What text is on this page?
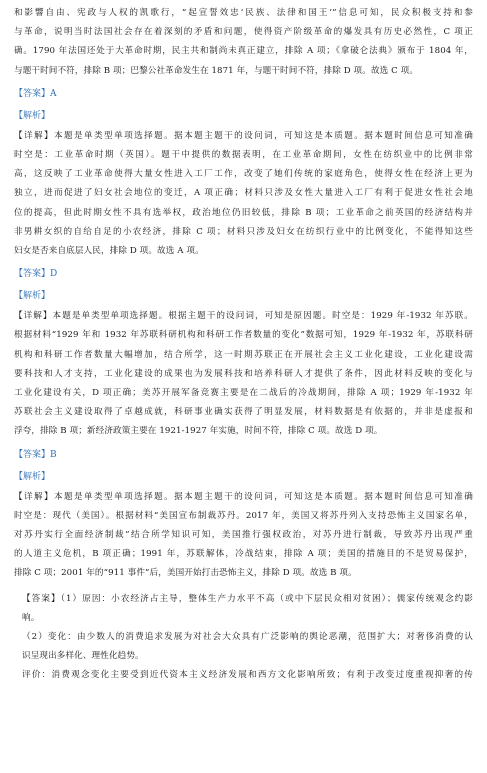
和影響自由、宪政与人权的凯歌行，“起宣誓效忠‘民族、法律和国王’”信息可知，民众积极支持和参

与革命，说明当时法国社会存在着深刻的矛盾和问题，使得资产阶级革命的爆发具有历史必然性，C 项正

确。1790 年法国还处于大革命时期，民主共和制尚未真正建立，排除 A 项；《拿破仑法典》颁布于 1804 年，

与题干时间不符，排除 B 项；巴黎公社革命发生在 1871 年，与题干时间不符，排除 D 项。故选 C 项。

【答案】A

【解析】

【详解】本题是单类型单项选择题。据本题主题干的设问词，可知这是本质题。据本题时间信息可知准确

时空是：工业革命时期（英国）。题干中提供的数据表明，在工业革命期间，女性在纺织业中的比例非常

高，这反映了工业革命使得大量女性进入工厂工作，改变了她们传统的家庭角色，使得女性在经济上更为

独立，进而促进了妇女社会地位的变迁，A 项正确；材料只涉及女性大量进入工厂有利于促进女性社会地

位的提高，但此时期女性不具有选举权，政治地位仍旧较低，排除 B 项；工业革命之前英国的经济结构并

非男耕女织的自给自足的小农经济，排除 C 项；材料只涉及妇女在纺织行业中的比例变化，不能得知这些

妇女是否来自底层人民，排除 D 项。故选 A 项。

【答案】D

【解析】

【详解】本题是单类型单项选择题。根据主题干的设问词，可知是原因题。时空是：1929 年-1932 年苏联。

根据材料“1929 年和 1932 年苏联科研机构和科研工作者数量的变化”数据可知，1929 年-1932 年，苏联科研

机构和科研工作者数量大幅增加，结合所学，这一时期苏联正在开展社会主义工业化建设，工业化建设需

要科技和人才支持，工业化建设的成果也为发展科技和培养科研人才提供了条件，因此材料反映的变化与

工业化建设有关，D 项正确；美苏开展军备竞赛主要是在二战后的冷战期间，排除 A 项；1929 年-1932 年

苏联社会主义建设取得了卓越成就，科研事业确实获得了明显发展，材料数据是有依据的，并非是虚报和

浮夸，排除 B 项；新经济政策主要在 1921-1927 年实施，时间不符，排除 C 项。故选 D 项。

【答案】B

【解析】

【详解】本题是单类型单项选择题。据本题主题干的设问词，可知这是本质题。据本题时间信息可知准确

时空是：现代（美国）。根据材料“美国宣布制裁苏丹。2017 年，美国又将苏丹列入支持恐怖主义国家名单，

对苏丹实行全面经济制裁”结合所学知识可知，美国推行强权政治，对苏丹进行制裁，导致苏丹出现严重

的人道主义危机，B 项正确；1991 年，苏联解体，冷战结束，排除 A 项；美国的措施目的不是贸易保护，

排除 C 项；2001 年的“911 事件”后，美国开始打击恐怖主义，排除 D 项。故选 B 项。

【答案】（1）原因：小农经济占主导，整体生产力水平不高（或中下层民众相对贫困）；儒家传统观念约影

响。

（2）变化：由少数人的消费追求发展为对社会大众具有广泛影响的舆论恶潮，范围扩大；对奢侈消费的认

识呈现出多样化、理性化趋势。

评价：消费观念变化主要受到近代资本主义经济发展和西方文化影响所致；有利于改变过度重视抑奢的传
